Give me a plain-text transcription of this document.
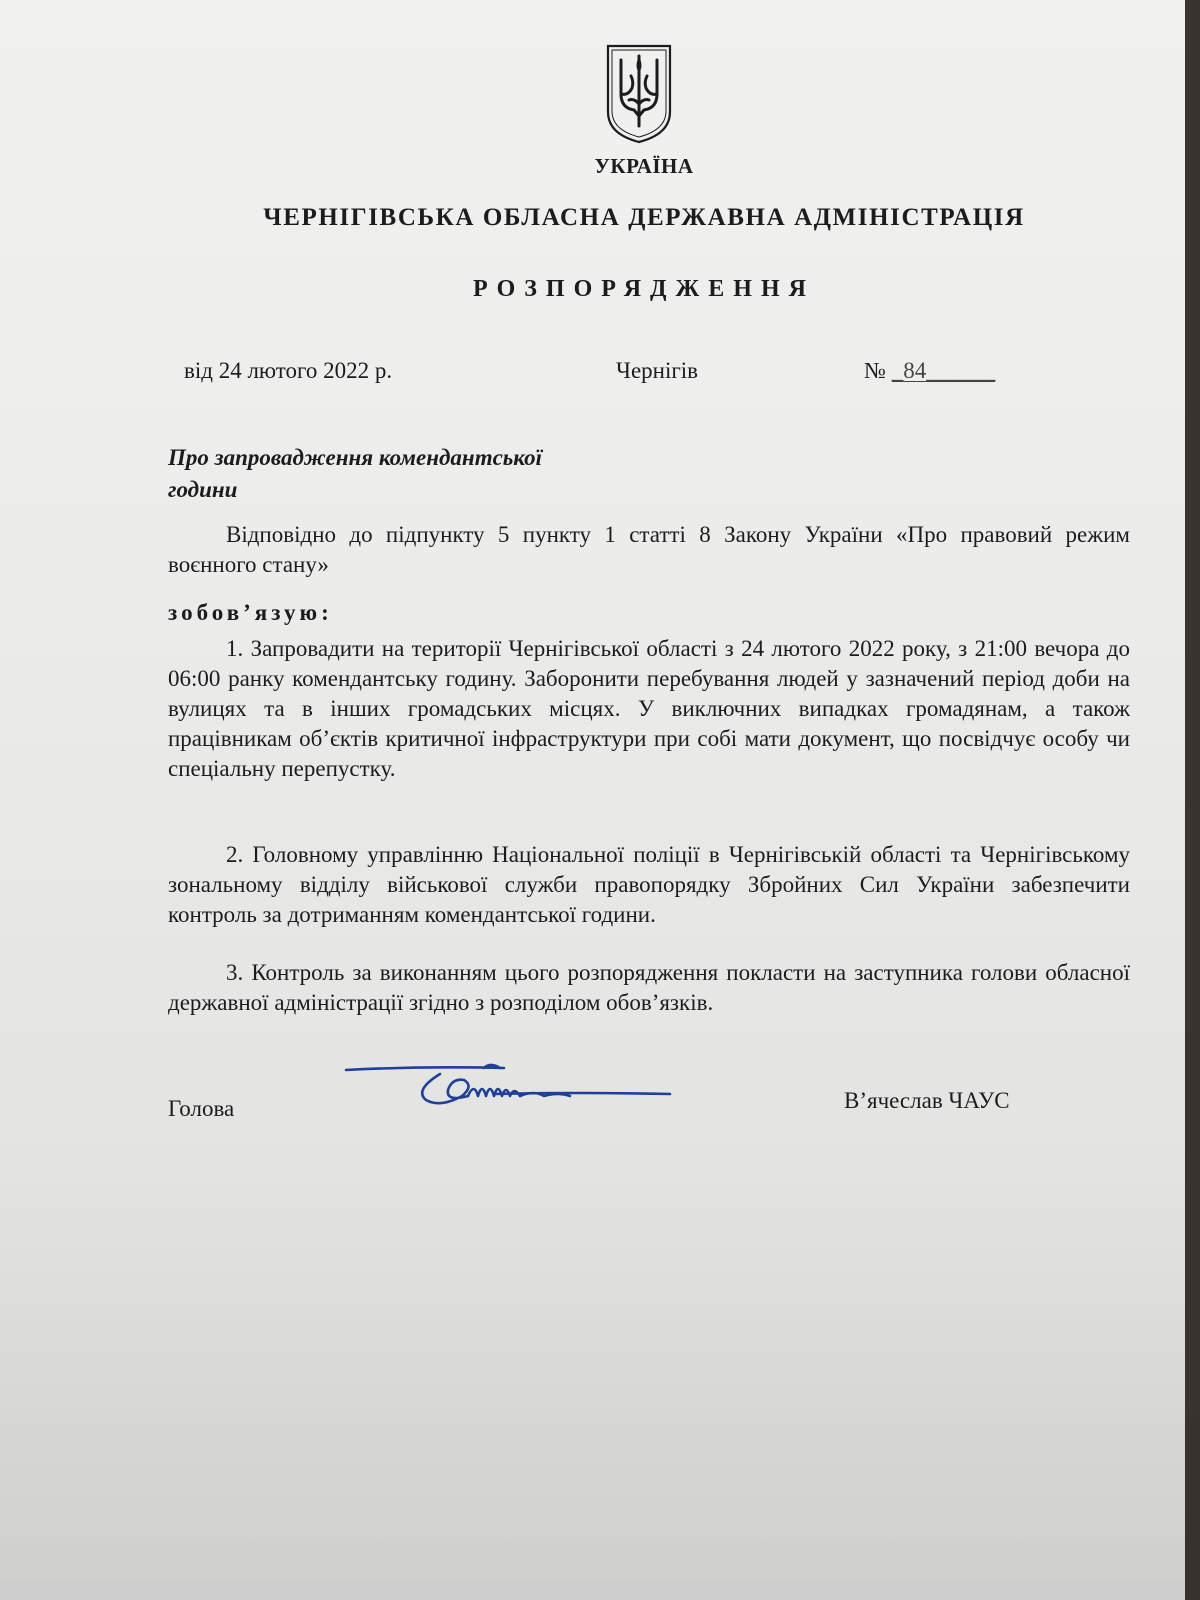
УКРАЇНА
ЧЕРНІГІВСЬКА ОБЛАСНА ДЕРЖАВНА АДМІНІСТРАЦІЯ
РОЗПОРЯДЖЕННЯ
від 24 лютого 2022 р.	Чернігів	№ _84______
Про запровадження комендантської
години
Відповідно до підпункту 5 пункту 1 статті 8 Закону України «Про правовий режим воєнного стану»
зобов’язую:
1. Запровадити на території Чернігівської області з 24 лютого 2022 року, з 21:00 вечора до 06:00 ранку комендантську годину. Заборонити перебування людей у зазначений період доби на вулицях та в інших громадських місцях. У виключних випадках громадянам, а також працівникам об’єктів критичної інфраструктури при собі мати документ, що посвідчує особу чи спеціальну перепустку.
2. Головному управлінню Національної поліції в Чернігівській області та Чернігівському зональному відділу військової служби правопорядку Збройних Сил України забезпечити контроль за дотриманням комендантської години.
3. Контроль за виконанням цього розпорядження покласти на заступника голови обласної державної адміністрації згідно з розподілом обов’язків.
Голова	В’ячеслав ЧАУС
